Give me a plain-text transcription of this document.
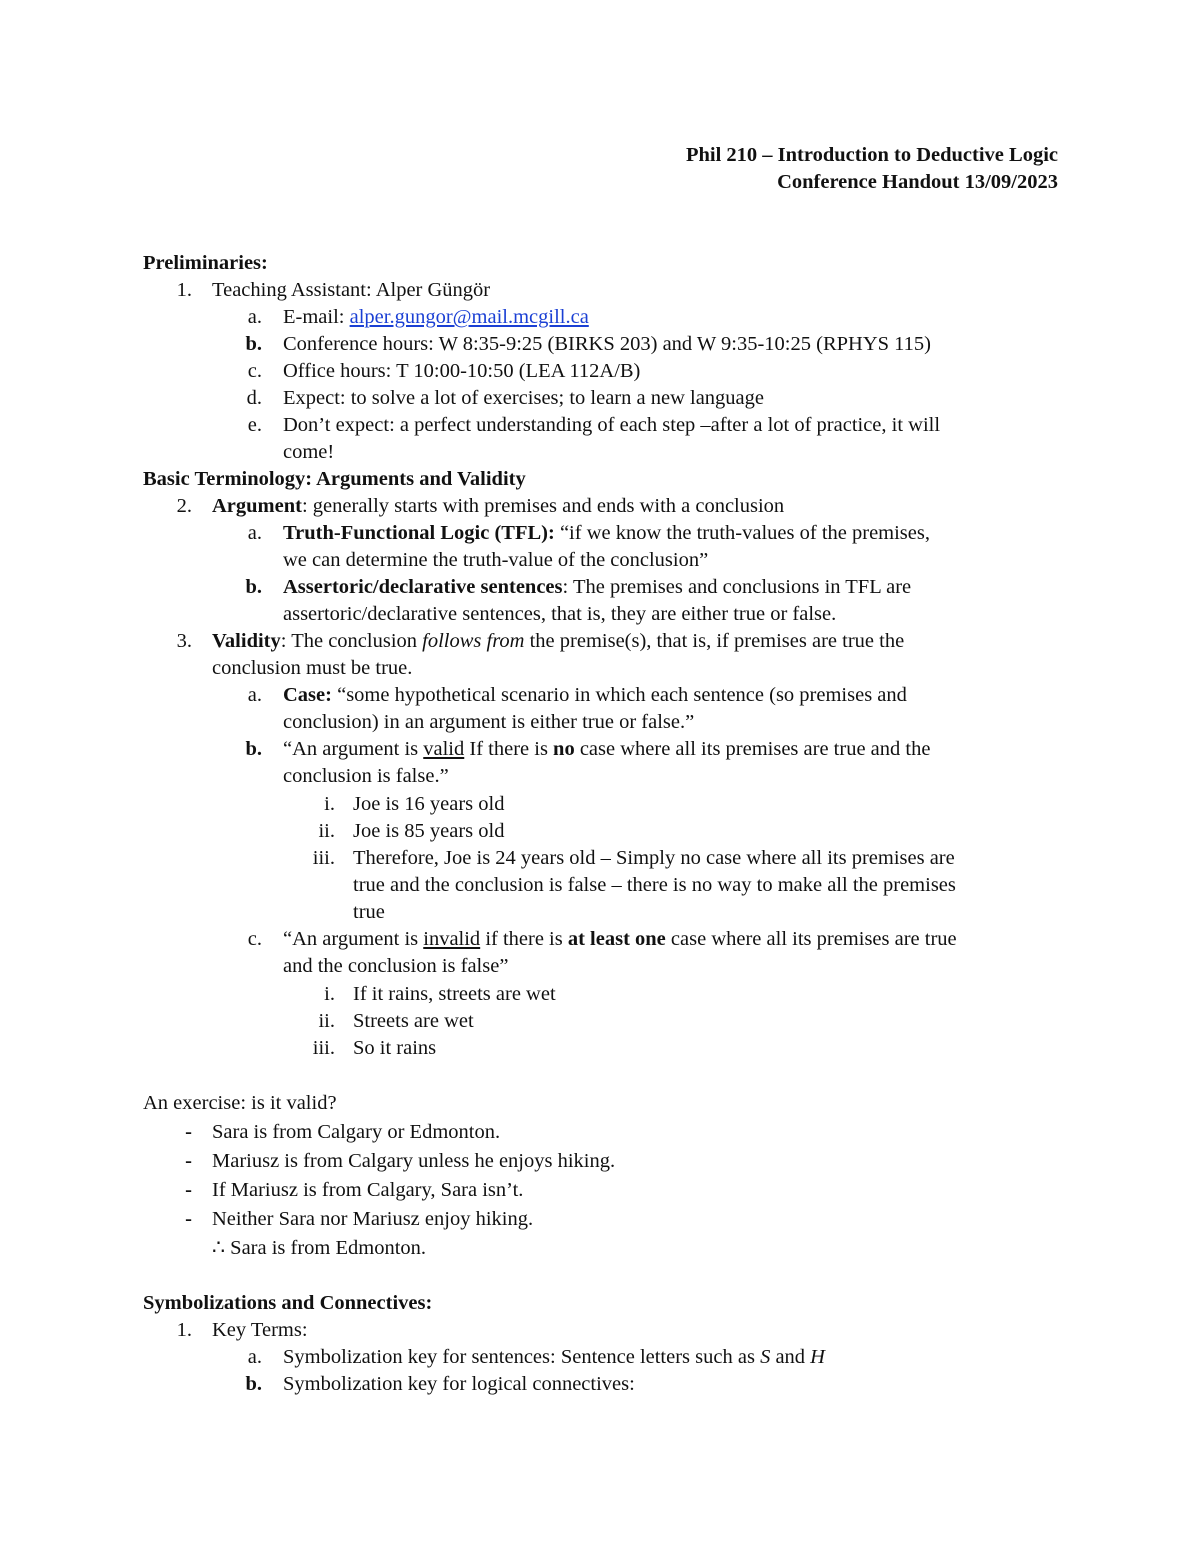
Phil 210 – Introduction to Deductive Logic
Conference Handout 13/09/2023
Preliminaries:
1. Teaching Assistant: Alper Güngör
a. E-mail: alper.gungor@mail.mcgill.ca
b. Conference hours: W 8:35-9:25 (BIRKS 203) and W 9:35-10:25 (RPHYS 115)
c. Office hours: T 10:00-10:50 (LEA 112A/B)
d. Expect: to solve a lot of exercises; to learn a new language
e. Don’t expect: a perfect understanding of each step –after a lot of practice, it will
come!
Basic Terminology: Arguments and Validity
2. Argument: generally starts with premises and ends with a conclusion
a. Truth-Functional Logic (TFL): “if we know the truth-values of the premises,
we can determine the truth-value of the conclusion”
b. Assertoric/declarative sentences: The premises and conclusions in TFL are
assertoric/declarative sentences, that is, they are either true or false.
3. Validity: The conclusion follows from the premise(s), that is, if premises are true the
conclusion must be true.
a. Case: “some hypothetical scenario in which each sentence (so premises and
conclusion) in an argument is either true or false.”
b. “An argument is valid If there is no case where all its premises are true and the
conclusion is false.”
i. Joe is 16 years old
ii. Joe is 85 years old
iii. Therefore, Joe is 24 years old – Simply no case where all its premises are
true and the conclusion is false – there is no way to make all the premises
true
c. “An argument is invalid if there is at least one case where all its premises are true
and the conclusion is false”
i. If it rains, streets are wet
ii. Streets are wet
iii. So it rains
An exercise: is it valid?
- Sara is from Calgary or Edmonton.
- Mariusz is from Calgary unless he enjoys hiking.
- If Mariusz is from Calgary, Sara isn’t.
- Neither Sara nor Mariusz enjoy hiking.
∴ Sara is from Edmonton.
Symbolizations and Connectives:
1. Key Terms:
a. Symbolization key for sentences: Sentence letters such as S and H
b. Symbolization key for logical connectives:
